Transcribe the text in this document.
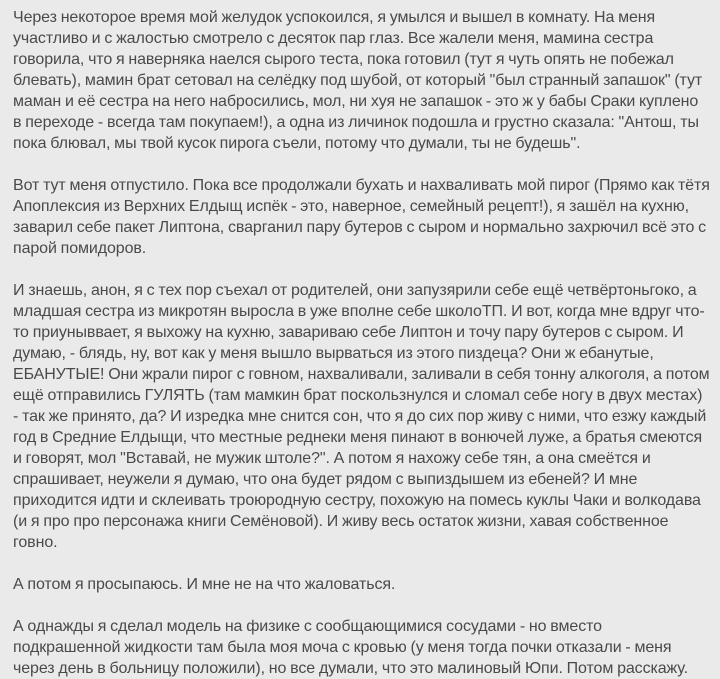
Через некоторое время мой желудок успокоился, я умылся и вышел в комнату. На меня участливо и с жалостью смотрело с десяток пар глаз. Все жалели меня, мамина сестра говорила, что я наверняка наелся сырого теста, пока готовил (тут я чуть опять не побежал блевать), мамин брат сетовал на селёдку под шубой, от который "был странный запашок" (тут маман и её сестра на него набросились, мол, ни хуя не запашок - это ж у бабы Сраки куплено в переходе - всегда там покупаем!), а одна из личинок подошла и грустно сказала: "Антош, ты пока блювал, мы твой кусок пирога съели, потому что думали, ты не будешь".

Вот тут меня отпустило. Пока все продолжали бухать и нахваливать мой пирог (Прямо как тётя Апоплексия из Верхних Елдыщ испёк - это, наверное, семейный рецепт!), я зашёл на кухню, заварил себе пакет Липтона, сварганил пару бутеров с сыром и нормально захрючил всё это с парой помидоров.

И знаешь, анон, я с тех пор съехал от родителей, они запузярили себе ещё четвёртоньгоко, а младшая сестра из микротян выросла в уже вполне себе школоТП. И вот, когда мне вдруг что-то приуныввает, я выхожу на кухню, завариваю себе Липтон и точу пару бутеров с сыром. И думаю, - блядь, ну, вот как у меня вышло вырваться из этого пиздеца? Они ж ебанутые, ЕБАНУТЫЕ! Они жрали пирог с говном, нахваливали, заливали в себя тонну алкоголя, а потом ещё отправились ГУЛЯТЬ (там мамкин брат поскользнулся и сломал себе ногу в двух местах) - так же принято, да? И изредка мне снится сон, что я до сих пор живу с ними, что езжу каждый год в Средние Елдыщи, что местные реднеки меня пинают в вонючей луже, а братья смеются и говорят, мол "Вставай, не мужик штоле?". А потом я нахожу себе тян, а она смеётся и спрашивает, неужели я думаю, что она будет рядом с выпиздышем из ебеней? И мне приходится идти и склеивать троюродную сестру, похожую на помесь куклы Чаки и волкодава (и я про про персонажа книги Семёновой). И живу весь остаток жизни, хавая собственное говно.

А потом я просыпаюсь. И мне не на что жаловаться.

А однажды я сделал модель на физике с сообщающимися сосудами - но вместо подкрашенной жидкости там была моя моча с кровью (у меня тогда почки отказали - меня через день в больницу положили), но все думали, что это малиновый Юпи. Потом расскажу.
